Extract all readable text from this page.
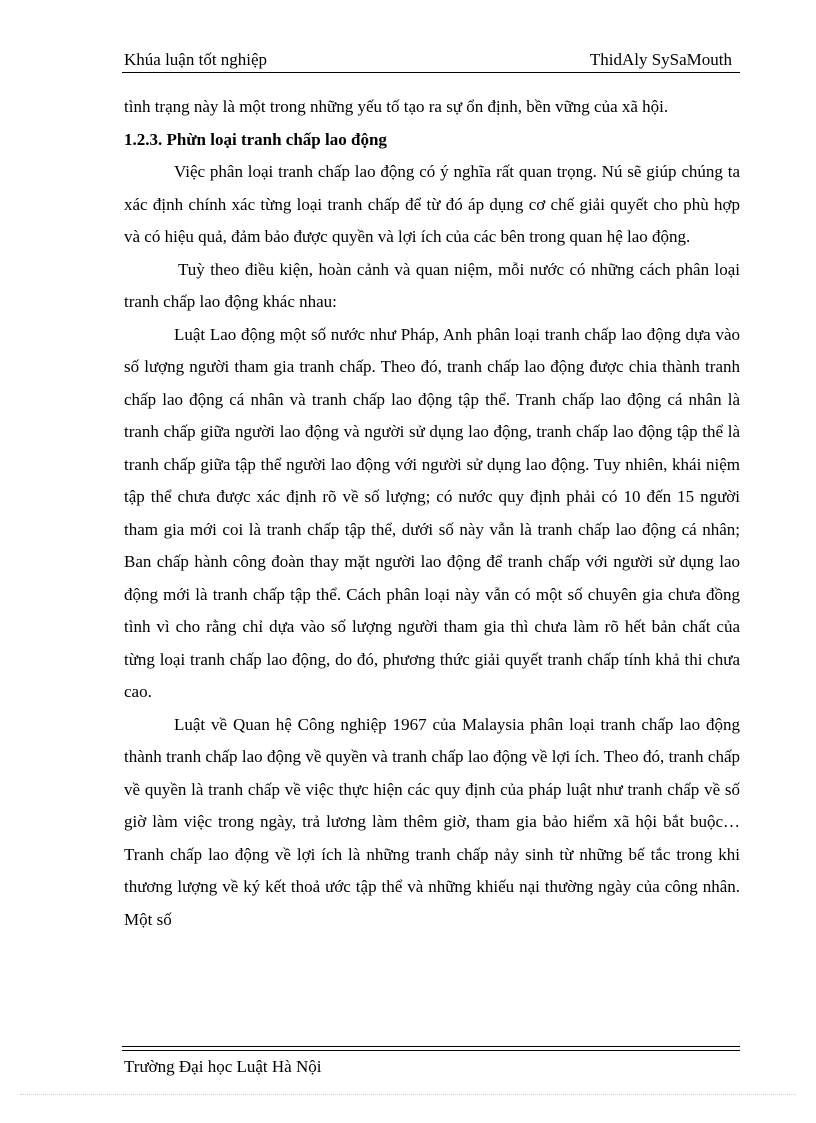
Khúa luận tốt nghiệp	ThidAly SySaMouth

tình trạng này là một trong những yếu tố tạo ra sự ổn định, bền vững của xã hội.

1.2.3. Phừn loại tranh chấp lao động

Việc phân loại tranh chấp lao động có ý nghĩa rất quan trọng. Nú sẽ giúp chúng ta xác định chính xác từng loại tranh chấp để từ đó áp dụng cơ chế giải quyết cho phù hợp và có hiệu quả, đảm bảo được quyền và lợi ích của các bên trong quan hệ lao động.

Tuỳ theo điều kiện, hoàn cảnh và quan niệm, mỗi nước có những cách phân loại tranh chấp lao động khác nhau:

Luật Lao động một số nước như Pháp, Anh phân loại tranh chấp lao động dựa vào số lượng người tham gia tranh chấp. Theo đó, tranh chấp lao động được chia thành tranh chấp lao động cá nhân và tranh chấp lao động tập thể. Tranh chấp lao động cá nhân là tranh chấp giữa người lao động và người sử dụng lao động, tranh chấp lao động tập thể là tranh chấp giữa tập thể người lao động với người sử dụng lao động. Tuy nhiên, khái niệm tập thể chưa được xác định rõ về số lượng; có nước quy định phải có 10 đến 15 người tham gia mới coi là tranh chấp tập thể, dưới số này vẫn là tranh chấp lao động cá nhân; Ban chấp hành công đoàn thay mặt người lao động để tranh chấp với người sử dụng lao động mới là tranh chấp tập thể. Cách phân loại này vẫn có một số chuyên gia chưa đồng tình vì cho rằng chỉ dựa vào số lượng người tham gia thì chưa làm rõ hết bản chất của từng loại tranh chấp lao động, do đó, phương thức giải quyết tranh chấp tính khả thi chưa cao.

Luật về Quan hệ Công nghiệp 1967 của Malaysia phân loại tranh chấp lao động thành tranh chấp lao động về quyền và tranh chấp lao động về lợi ích. Theo đó, tranh chấp về quyền là tranh chấp về việc thực hiện các quy định của pháp luật như tranh chấp về số giờ làm việc trong ngày, trả lương làm thêm giờ, tham gia bảo hiểm xã hội bắt buộc…Tranh chấp lao động về lợi ích là những tranh chấp nảy sinh từ những bế tắc trong khi thương lượng về ký kết thoả ước tập thể và những khiếu nại thường ngày của công nhân. Một số

Trường Đại học Luật Hà Nội
